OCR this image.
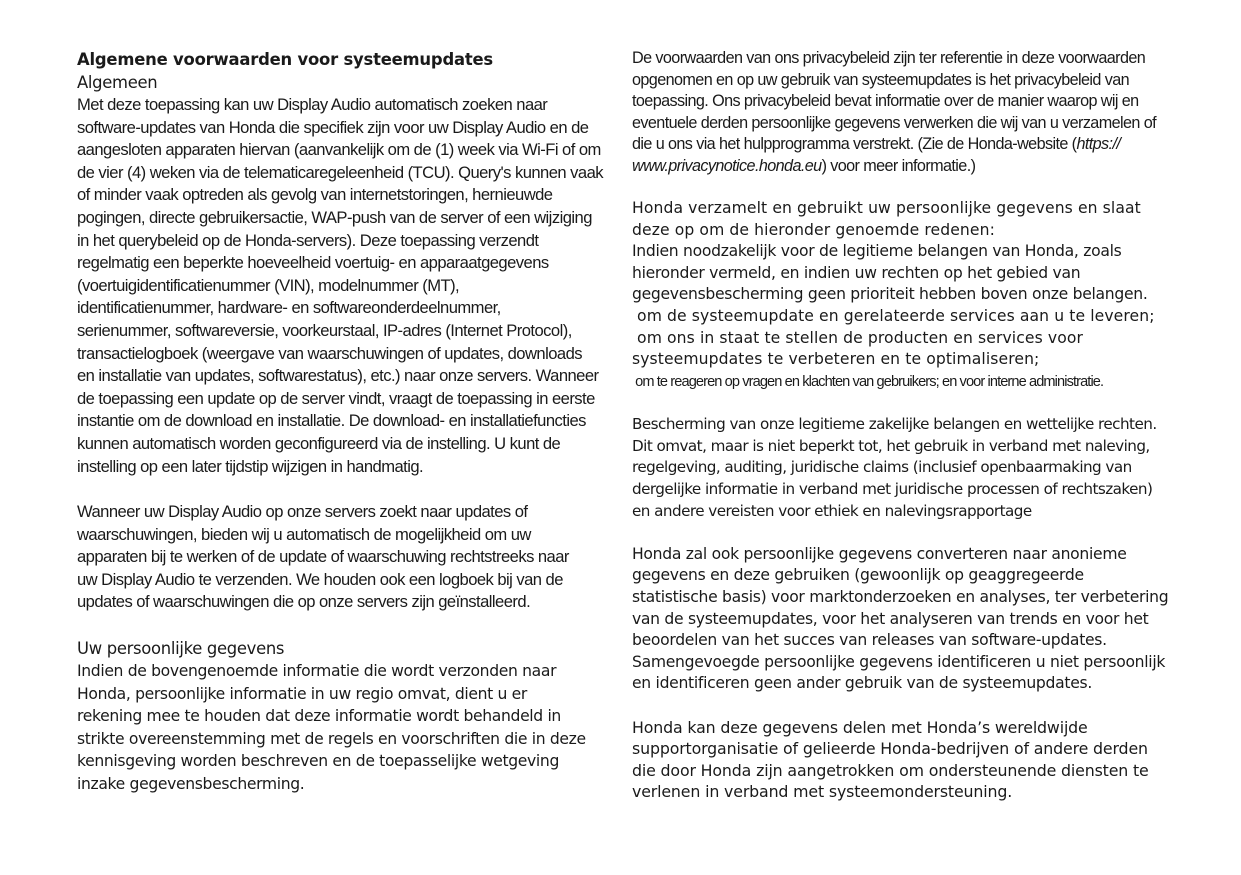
Algemene voorwaarden voor systeemupdates
Algemeen
Met deze toepassing kan uw Display Audio automatisch zoeken naar
software-updates van Honda die specifiek zijn voor uw Display Audio en de
aangesloten apparaten hiervan (aanvankelijk om de (1) week via Wi-Fi of om
de vier (4) weken via de telematicaregeleenheid (TCU). Query's kunnen vaak
of minder vaak optreden als gevolg van internetstoringen, hernieuwde
pogingen, directe gebruikersactie, WAP-push van de server of een wijziging
in het querybeleid op de Honda-servers). Deze toepassing verzendt
regelmatig een beperkte hoeveelheid voertuig- en apparaatgegevens
(voertuigidentificatienummer (VIN), modelnummer (MT),
identificatienummer, hardware- en softwareonderdeelnummer,
serienummer, softwareversie, voorkeurstaal, IP-adres (Internet Protocol),
transactielogboek (weergave van waarschuwingen of updates, downloads
en installatie van updates, softwarestatus), etc.) naar onze servers. Wanneer
de toepassing een update op de server vindt, vraagt de toepassing in eerste
instantie om de download en installatie. De download- en installatiefuncties
kunnen automatisch worden geconfigureerd via de instelling. U kunt de
instelling op een later tijdstip wijzigen in handmatig.
Wanneer uw Display Audio op onze servers zoekt naar updates of
waarschuwingen, bieden wij u automatisch de mogelijkheid om uw
apparaten bij te werken of de update of waarschuwing rechtstreeks naar
uw Display Audio te verzenden. We houden ook een logboek bij van de
updates of waarschuwingen die op onze servers zijn geïnstalleerd.
Uw persoonlijke gegevens
Indien de bovengenoemde informatie die wordt verzonden naar
Honda, persoonlijke informatie in uw regio omvat, dient u er
rekening mee te houden dat deze informatie wordt behandeld in
strikte overeenstemming met de regels en voorschriften die in deze
kennisgeving worden beschreven en de toepasselijke wetgeving
inzake gegevensbescherming.
De voorwaarden van ons privacybeleid zijn ter referentie in deze voorwaarden
opgenomen en op uw gebruik van systeemupdates is het privacybeleid van
toepassing. Ons privacybeleid bevat informatie over de manier waarop wij en
eventuele derden persoonlijke gegevens verwerken die wij van u verzamelen of
die u ons via het hulpprogramma verstrekt. (Zie de Honda-website (https://
www.privacynotice.honda.eu) voor meer informatie.)
Honda verzamelt en gebruikt uw persoonlijke gegevens en slaat
deze op om de hieronder genoemde redenen:
Indien noodzakelijk voor de legitieme belangen van Honda, zoals
hieronder vermeld, en indien uw rechten op het gebied van
gegevensbescherming geen prioriteit hebben boven onze belangen.
om de systeemupdate en gerelateerde services aan u te leveren;
om ons in staat te stellen de producten en services voor
systeemupdates te verbeteren en te optimaliseren;
om te reageren op vragen en klachten van gebruikers; en voor interne administratie.
Bescherming van onze legitieme zakelijke belangen en wettelijke rechten.
Dit omvat, maar is niet beperkt tot, het gebruik in verband met naleving,
regelgeving, auditing, juridische claims (inclusief openbaarmaking van
dergelijke informatie in verband met juridische processen of rechtszaken)
en andere vereisten voor ethiek en nalevingsrapportage
Honda zal ook persoonlijke gegevens converteren naar anonieme
gegevens en deze gebruiken (gewoonlijk op geaggregeerde
statistische basis) voor marktonderzoeken en analyses, ter verbetering
van de systeemupdates, voor het analyseren van trends en voor het
beoordelen van het succes van releases van software-updates.
Samengevoegde persoonlijke gegevens identificeren u niet persoonlijk
en identificeren geen ander gebruik van de systeemupdates.
Honda kan deze gegevens delen met Honda’s wereldwijde
supportorganisatie of gelieerde Honda-bedrijven of andere derden
die door Honda zijn aangetrokken om ondersteunende diensten te
verlenen in verband met systeemondersteuning.
